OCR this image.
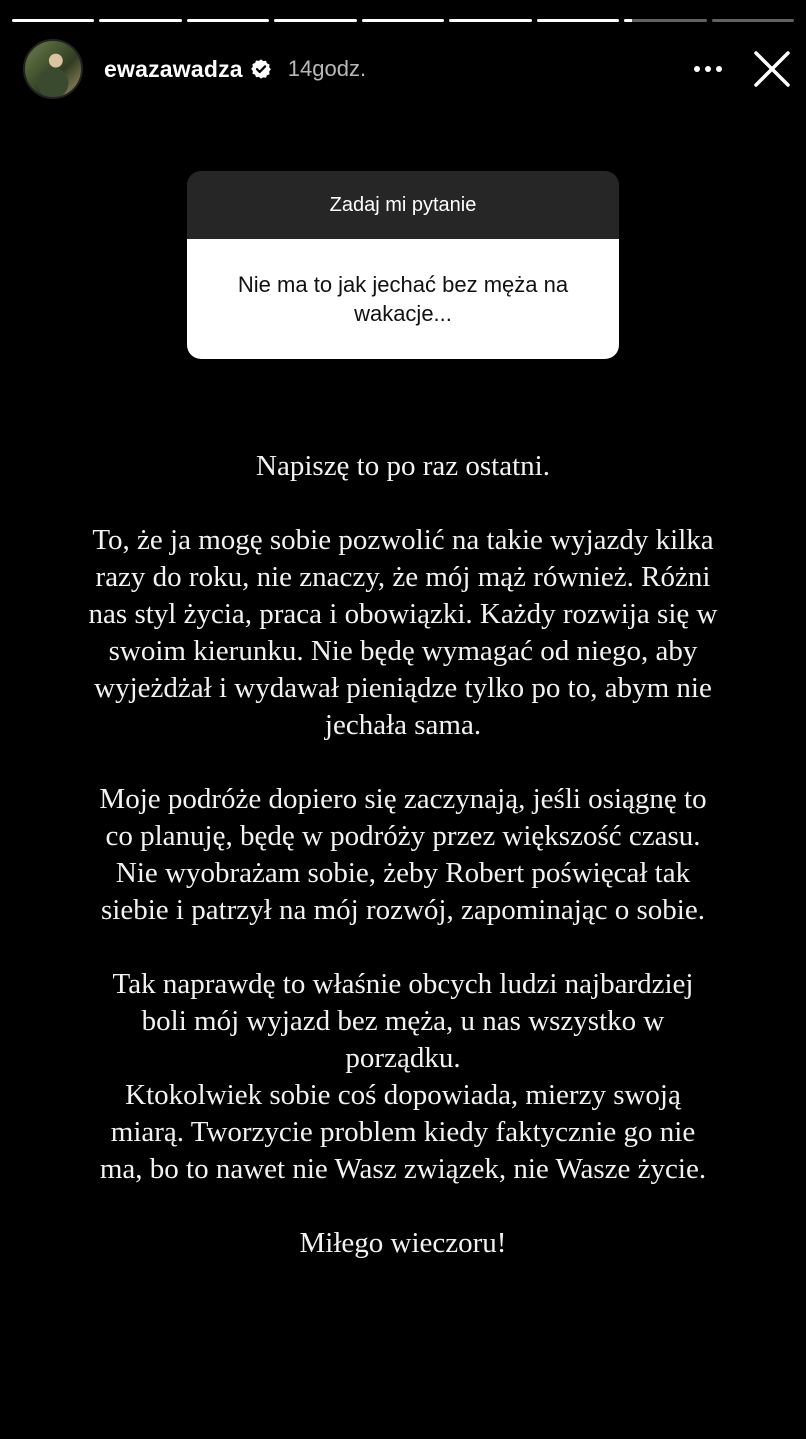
ewazawadza 14godz.
Zadaj mi pytanie
Nie ma to jak jechać bez męża na wakacje...

Napiszę to po raz ostatni.

To, że ja mogę sobie pozwolić na takie wyjazdy kilka

razy do roku, nie znaczy, że mój mąż również. Różni

nas styl życia, praca i obowiązki. Każdy rozwija się w

swoim kierunku. Nie będę wymagać od niego, aby

wyjeżdżał i wydawał pieniądze tylko po to, abym nie

jechała sama.

Moje podróże dopiero się zaczynają, jeśli osiągnę to

co planuję, będę w podróży przez większość czasu.

Nie wyobrażam sobie, żeby Robert poświęcał tak

siebie i patrzył na mój rozwój, zapominając o sobie.

Tak naprawdę to właśnie obcych ludzi najbardziej

boli mój wyjazd bez męża, u nas wszystko w

porządku.

Ktokolwiek sobie coś dopowiada, mierzy swoją

miarą. Tworzycie problem kiedy faktycznie go nie

ma, bo to nawet nie Wasz związek, nie Wasze życie.

Miłego wieczoru!
